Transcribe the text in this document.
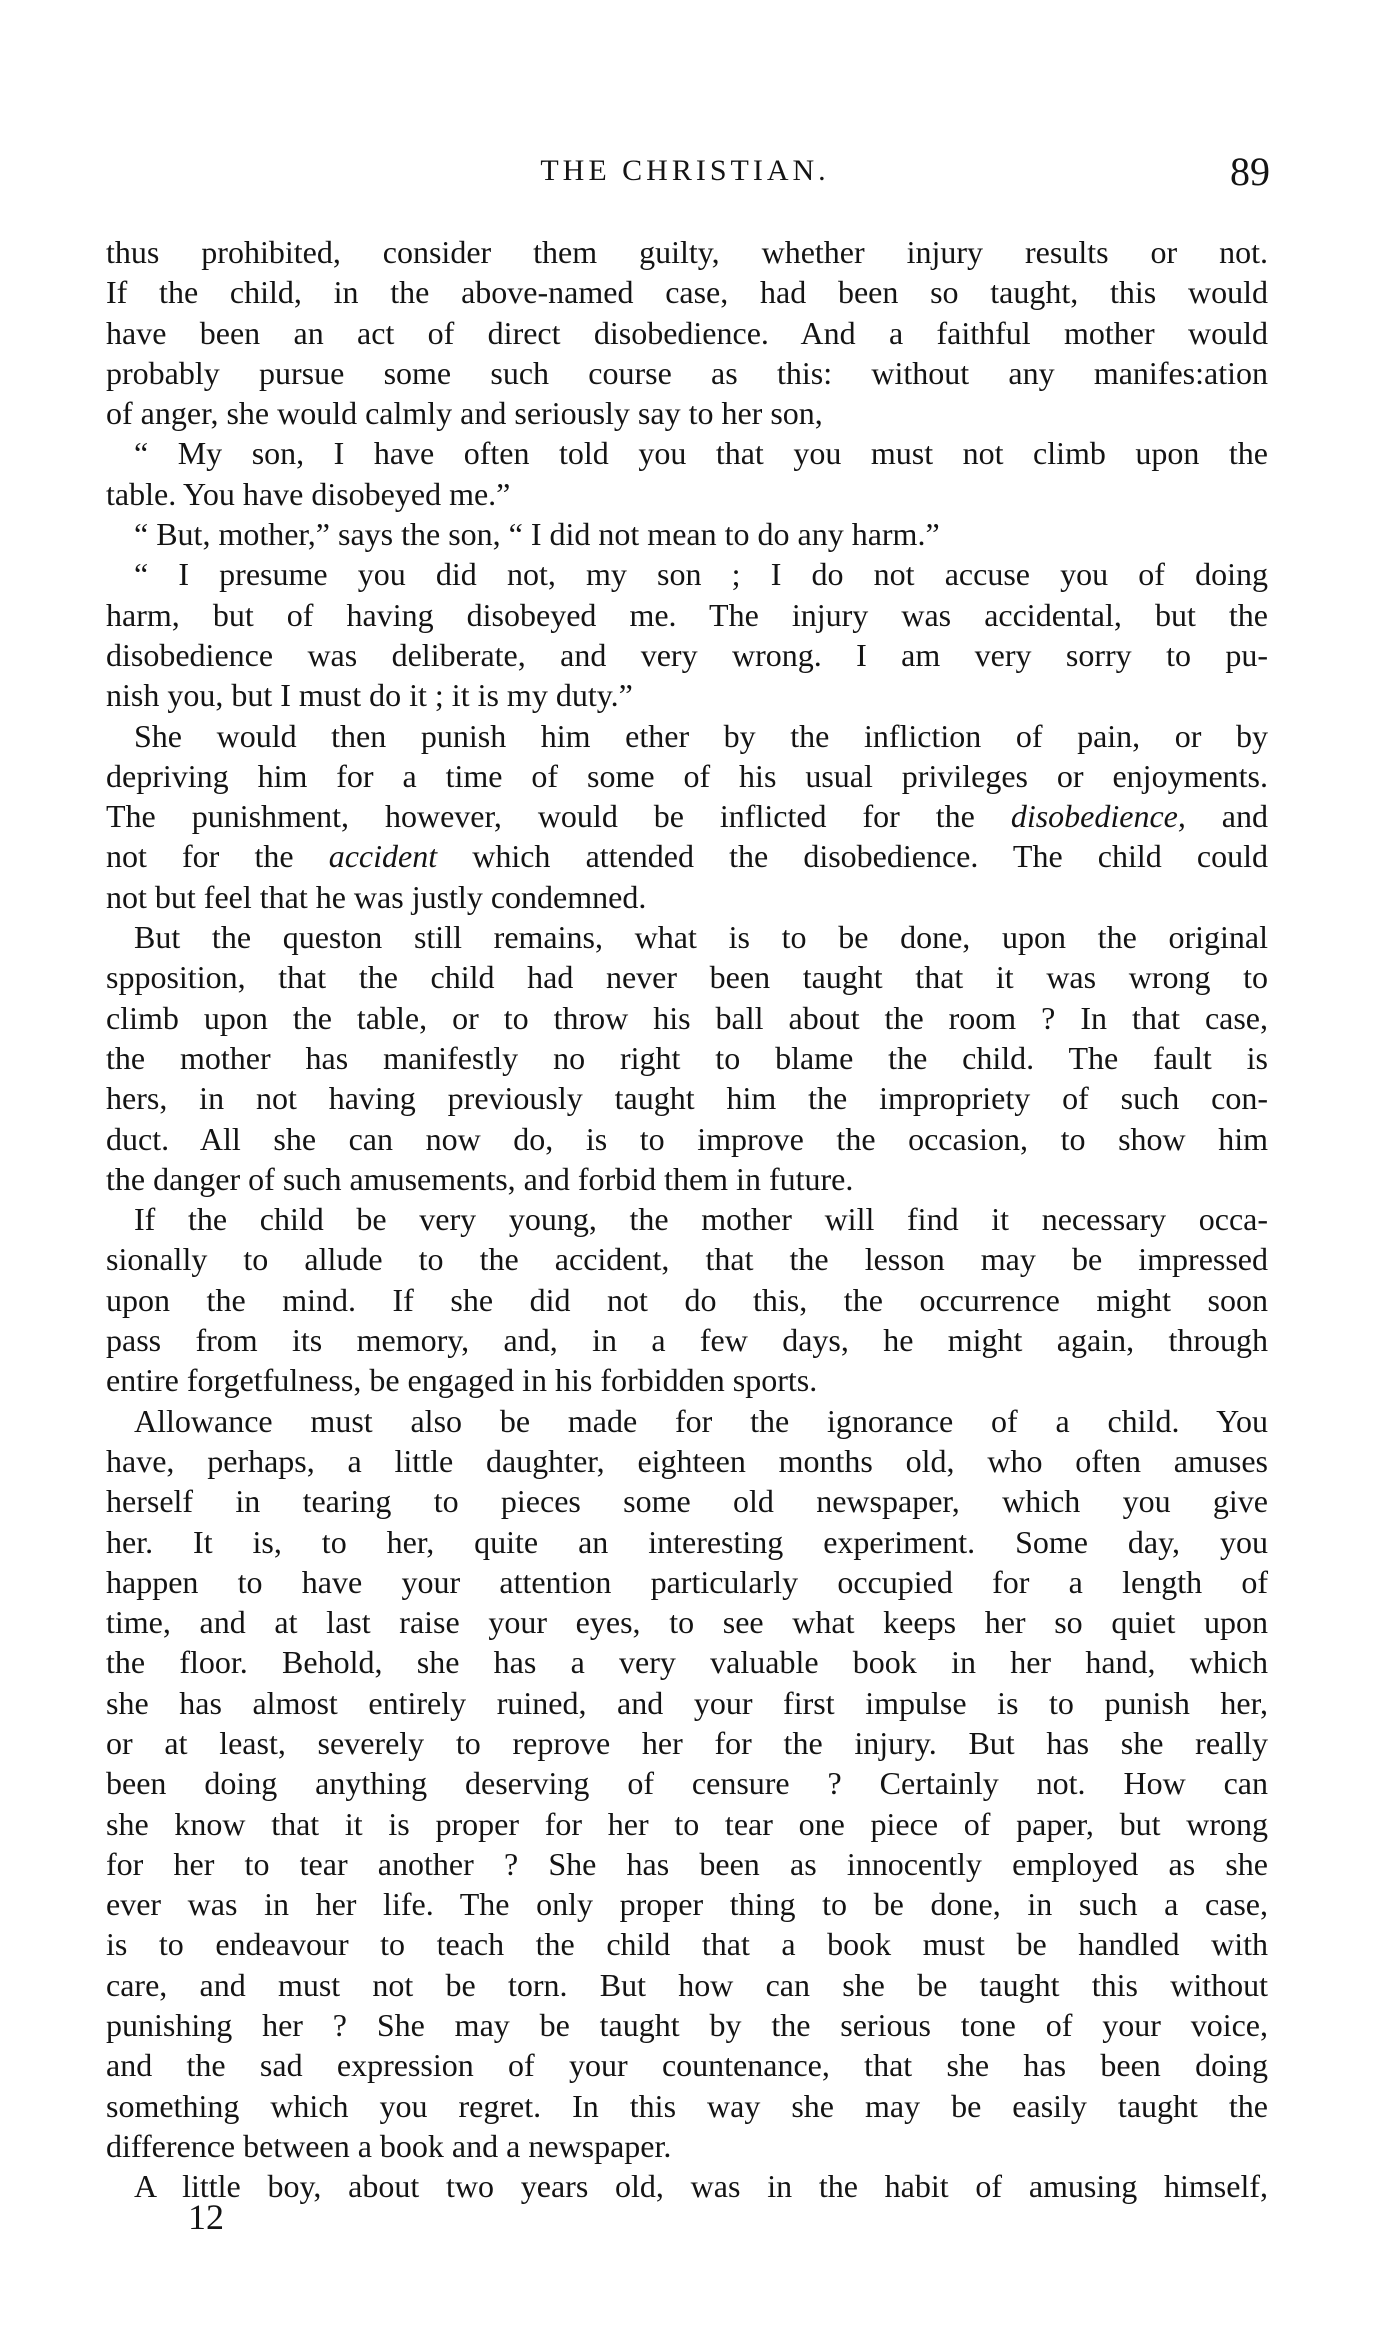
THE CHRISTIAN.	89
thus prohibited, consider them guilty, whether injury results or not.
If the child, in the above-named case, had been so taught, this would
have been an act of direct disobedience. And a faithful mother would
probably pursue some such course as this: without any manifes:ation
of anger, she would calmly and seriously say to her son,
“ My son, I have often told you that you must not climb upon the
table. You have disobeyed me.”
“ But, mother,” says the son, “ I did not mean to do any harm.”
“ I presume you did not, my son ; I do not accuse you of doing
harm, but of having disobeyed me. The injury was accidental, but the
disobedience was deliberate, and very wrong. I am very sorry to pu-
nish you, but I must do it ; it is my duty.”
She would then punish him ether by the infliction of pain, or by
depriving him for a time of some of his usual privileges or enjoyments.
The punishment, however, would be inflicted for the disobedience, and
not for the accident which attended the disobedience. The child could
not but feel that he was justly condemned.
But the queston still remains, what is to be done, upon the original
spposition, that the child had never been taught that it was wrong to
climb upon the table, or to throw his ball about the room ? In that case,
the mother has manifestly no right to blame the child. The fault is
hers, in not having previously taught him the impropriety of such con-
duct. All she can now do, is to improve the occasion, to show him
the danger of such amusements, and forbid them in future.
If the child be very young, the mother will find it necessary occa-
sionally to allude to the accident, that the lesson may be impressed
upon the mind. If she did not do this, the occurrence might soon
pass from its memory, and, in a few days, he might again, through
entire forgetfulness, be engaged in his forbidden sports.
Allowance must also be made for the ignorance of a child. You
have, perhaps, a little daughter, eighteen months old, who often amuses
herself in tearing to pieces some old newspaper, which you give
her. It is, to her, quite an interesting experiment. Some day, you
happen to have your attention particularly occupied for a length of
time, and at last raise your eyes, to see what keeps her so quiet upon
the floor. Behold, she has a very valuable book in her hand, which
she has almost entirely ruined, and your first impulse is to punish her,
or at least, severely to reprove her for the injury. But has she really
been doing anything deserving of censure ? Certainly not. How can
she know that it is proper for her to tear one piece of paper, but wrong
for her to tear another ? She has been as innocently employed as she
ever was in her life. The only proper thing to be done, in such a case,
is to endeavour to teach the child that a book must be handled with
care, and must not be torn. But how can she be taught this without
punishing her ? She may be taught by the serious tone of your voice,
and the sad expression of your countenance, that she has been doing
something which you regret. In this way she may be easily taught the
difference between a book and a newspaper.
A little boy, about two years old, was in the habit of amusing himself,
12
